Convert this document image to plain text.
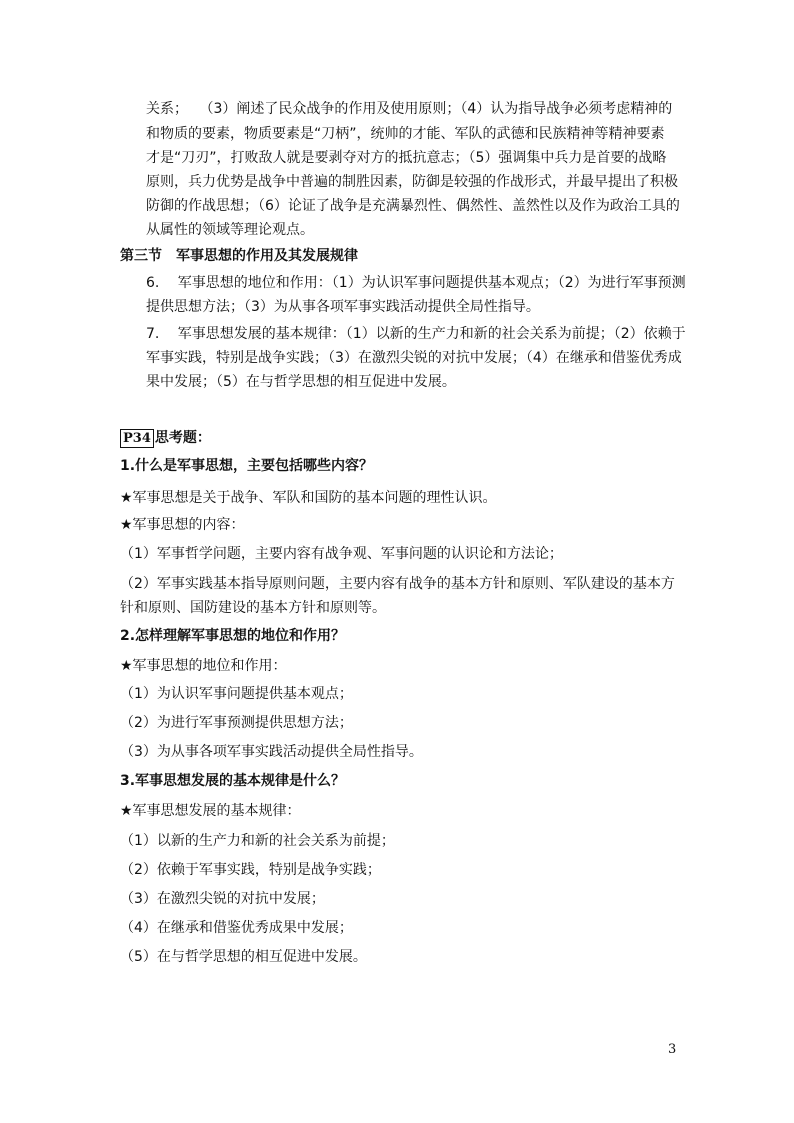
关系；　 （3）阐述了民众战争的作用及使用原则；（4）认为指导战争必须考虑精神的
和物质的要素，物质要素是“刀柄”，统帅的才能、军队的武德和民族精神等精神要素
才是“刀刃”，打败敌人就是要剥夺对方的抵抗意志；（5）强调集中兵力是首要的战略
原则，兵力优势是战争中普遍的制胜因素，防御是较强的作战形式，并最早提出了积极
防御的作战思想；（6）论证了战争是充满暴烈性、偶然性、盖然性以及作为政治工具的
从属性的领域等理论观点。
第三节　军事思想的作用及其发展规律
6.　 军事思想的地位和作用：（1）为认识军事问题提供基本观点；（2）为进行军事预测
提供思想方法；（3）为从事各项军事实践活动提供全局性指导。
7.　 军事思想发展的基本规律：（1）以新的生产力和新的社会关系为前提；（2）依赖于
军事实践，特别是战争实践；（3）在激烈尖锐的对抗中发展；（4）在继承和借鉴优秀成
果中发展；（5）在与哲学思想的相互促进中发展。
P34 思考题：
1.什么是军事思想，主要包括哪些内容？
★军事思想是关于战争、军队和国防的基本问题的理性认识。
★军事思想的内容：
（1）军事哲学问题，主要内容有战争观、军事问题的认识论和方法论；
（2）军事实践基本指导原则问题，主要内容有战争的基本方针和原则、军队建设的基本方
针和原则、国防建设的基本方针和原则等。
2.怎样理解军事思想的地位和作用？
★军事思想的地位和作用：
（1）为认识军事问题提供基本观点；
（2）为进行军事预测提供思想方法；
（3）为从事各项军事实践活动提供全局性指导。
3.军事思想发展的基本规律是什么？
★军事思想发展的基本规律：
（1）以新的生产力和新的社会关系为前提；
（2）依赖于军事实践，特别是战争实践；
（3）在激烈尖锐的对抗中发展；
（4）在继承和借鉴优秀成果中发展；
（5）在与哲学思想的相互促进中发展。
3
